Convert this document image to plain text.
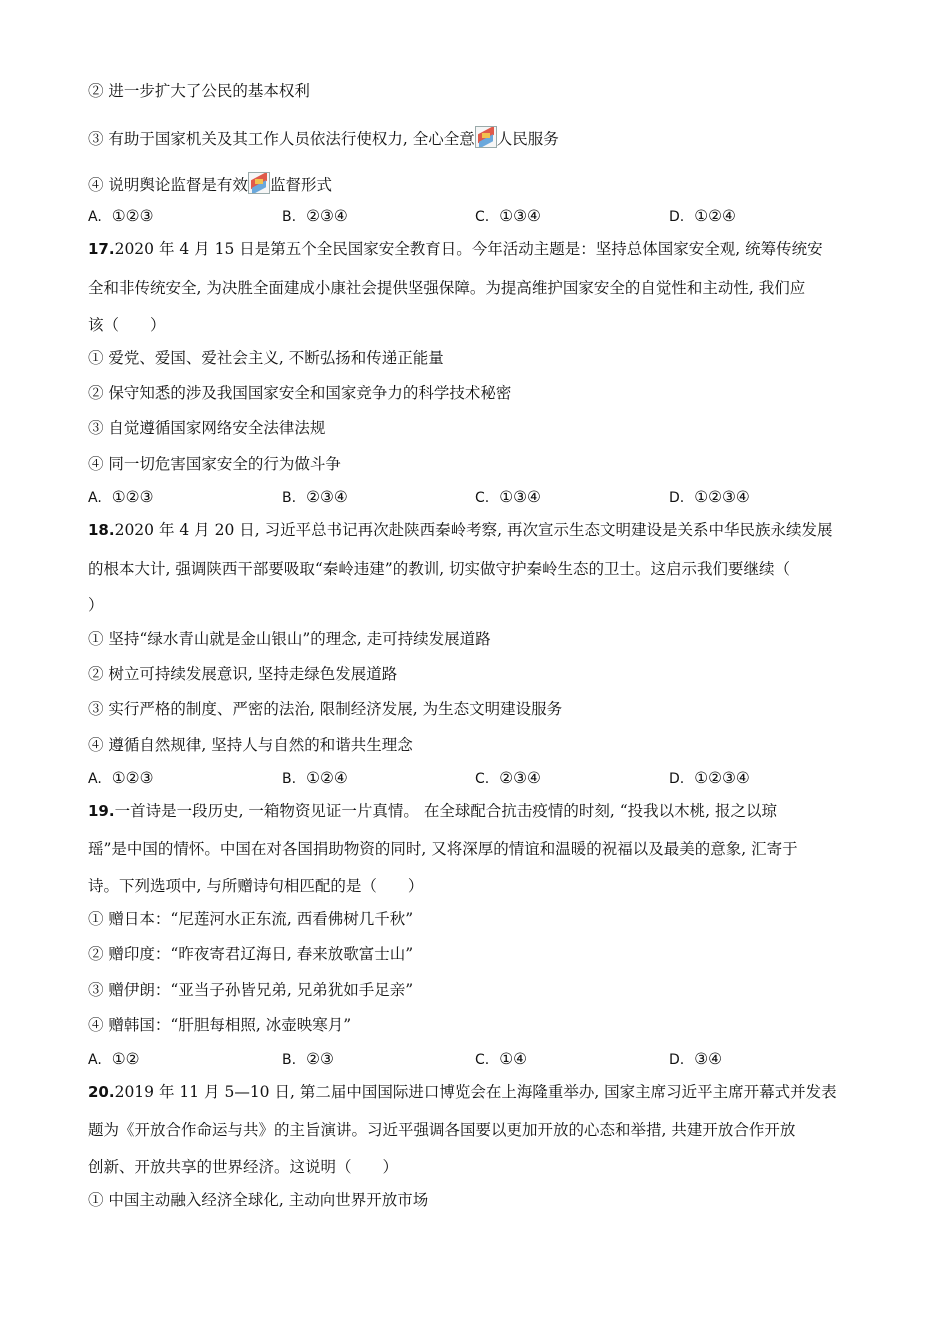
② 进一步扩大了公民的基本权利
③ 有助于国家机关及其工作人员依法行使权力, 全心全意 人民服务
④ 说明舆论监督是有效 监督形式
A. ①②③	B. ②③④	C. ①③④	D. ①②④
17.2020 年 4 月 15 日是第五个全民国家安全教育日。今年活动主题是：坚持总体国家安全观, 统筹传统安
全和非传统安全, 为决胜全面建成小康社会提供坚强保障。为提高维护国家安全的自觉性和主动性, 我们应
该（　　）
① 爱党、爱国、爱社会主义, 不断弘扬和传递正能量
② 保守知悉的涉及我国国家安全和国家竞争力的科学技术秘密
③ 自觉遵循国家网络安全法律法规
④ 同一切危害国家安全的行为做斗争
A. ①②③	B. ②③④	C. ①③④	D. ①②③④
18.2020 年 4 月 20 日, 习近平总书记再次赴陕西秦岭考察, 再次宣示生态文明建设是关系中华民族永续发展
的根本大计, 强调陕西干部要吸取“秦岭违建”的教训, 切实做守护秦岭生态的卫士。这启示我们要继续（
）
① 坚持“绿水青山就是金山银山”的理念, 走可持续发展道路
② 树立可持续发展意识, 坚持走绿色发展道路
③ 实行严格的制度、严密的法治, 限制经济发展, 为生态文明建设服务
④ 遵循自然规律, 坚持人与自然的和谐共生理念
A. ①②③	B. ①②④	C. ②③④	D. ①②③④
19.一首诗是一段历史, 一箱物资见证一片真情。 在全球配合抗击疫情的时刻, “投我以木桃, 报之以琼
瑶”是中国的情怀。中国在对各国捐助物资的同时, 又将深厚的情谊和温暖的祝福以及最美的意象, 汇寄于
诗。下列选项中, 与所赠诗句相匹配的是（　　）
① 赠日本：“尼莲河水正东流, 西看佛树几千秋”
② 赠印度：“昨夜寄君辽海日, 春来放歌富士山”
③ 赠伊朗：“亚当子孙皆兄弟, 兄弟犹如手足亲”
④ 赠韩国：“肝胆每相照, 冰壶映寒月”
A. ①②	B. ②③	C. ①④	D. ③④
20.2019 年 11 月 5—10 日, 第二届中国国际进口博览会在上海隆重举办, 国家主席习近平主席开幕式并发表
题为《开放合作命运与共》的主旨演讲。习近平强调各国要以更加开放的心态和举措, 共建开放合作开放
创新、开放共享的世界经济。这说明（　　）
① 中国主动融入经济全球化, 主动向世界开放市场
